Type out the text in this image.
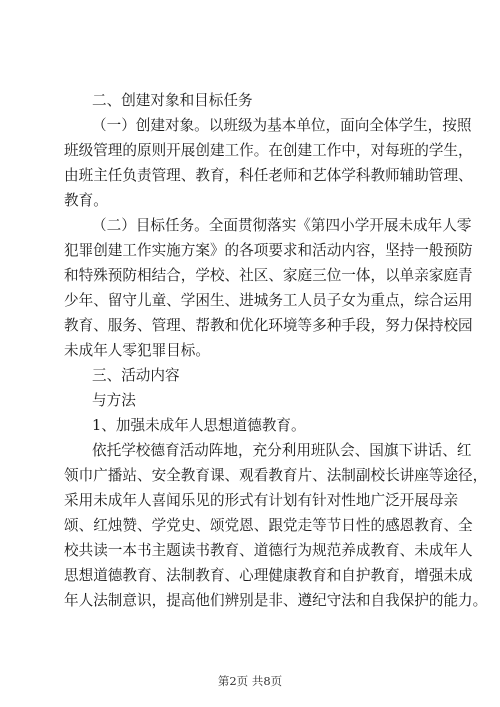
二、创建对象和目标任务
（一）创建对象。以班级为基本单位，面向全体学生，按照
班级管理的原则开展创建工作。在创建工作中，对每班的学生，
由班主任负责管理、教育，科任老师和艺体学科教师辅助管理、
教育。
（二）目标任务。全面贯彻落实《第四小学开展未成年人零
犯罪创建工作实施方案》的各项要求和活动内容，坚持一般预防
和特殊预防相结合，学校、社区、家庭三位一体，以单亲家庭青
少年、留守儿童、学困生、进城务工人员子女为重点，综合运用
教育、服务、管理、帮教和优化环境等多种手段，努力保持校园
未成年人零犯罪目标。
三、活动内容
与方法
1、加强未成年人思想道德教育。
依托学校德育活动阵地，充分利用班队会、国旗下讲话、红
领巾广播站、安全教育课、观看教育片、法制副校长讲座等途径，
采用未成年人喜闻乐见的形式有计划有针对性地广泛开展母亲
颂、红烛赞、学党史、颂党恩、跟党走等节日性的感恩教育、全
校共读一本书主题读书教育、道德行为规范养成教育、未成年人
思想道德教育、法制教育、心理健康教育和自护教育，增强未成
年人法制意识，提高他们辨别是非、遵纪守法和自我保护的能力。
第2页 共8页
